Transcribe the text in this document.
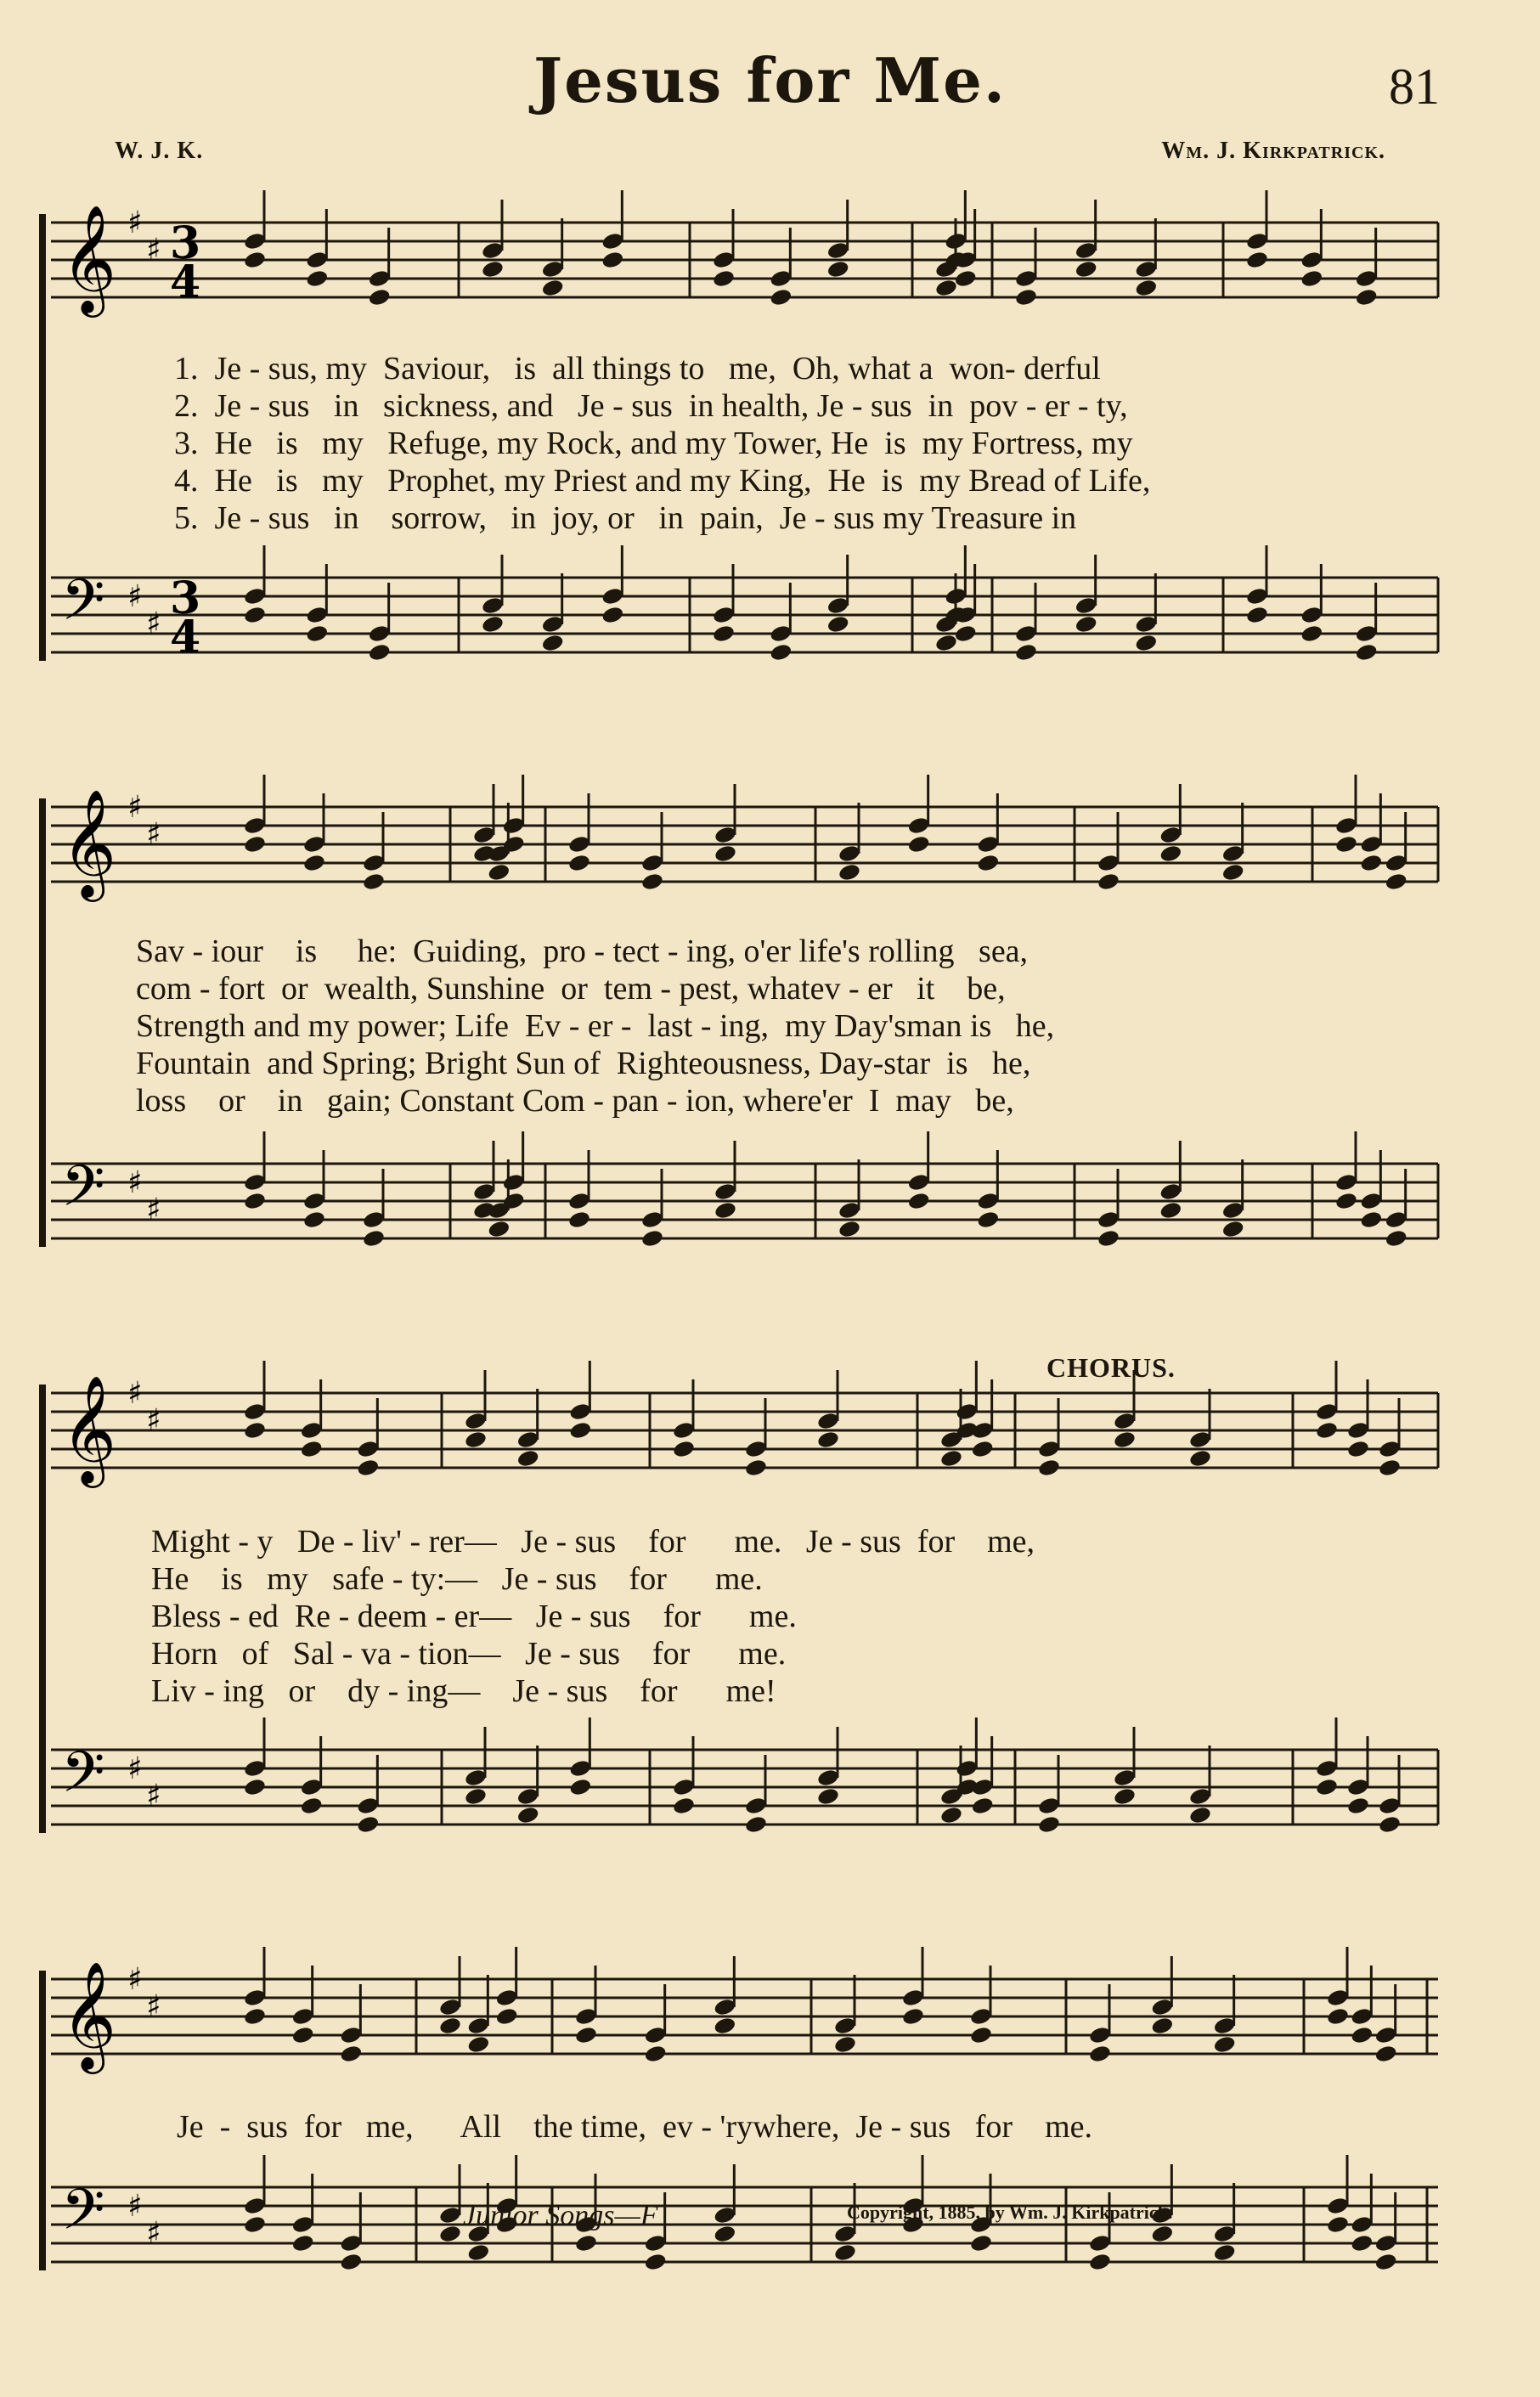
Jesus for Me.	81
W. J. K.	Wm. J. Kirkpatrick.
𝄞
𝄢
♯
♯
♯
♯
3
4
3
4
𝄞
𝄢
♯
♯
♯
♯
𝄞
𝄢
♯
♯
♯
♯
𝄞
𝄢
♯
♯
♯
♯
1.  Je - sus, my  Saviour,   is  all things to   me,  Oh, what a  won- derful
2.  Je - sus   in   sickness, and   Je - sus  in health, Je - sus  in  pov - er - ty,
3.  He   is   my   Refuge, my Rock, and my Tower, He  is  my Fortress, my
4.  He   is   my   Prophet, my Priest and my King,  He  is  my Bread of Life,
5.  Je - sus   in    sorrow,   in  joy, or   in  pain,  Je - sus my Treasure in
Sav - iour    is     he:  Guiding,  pro - tect - ing, o'er life's rolling   sea,
com - fort  or  wealth, Sunshine  or  tem - pest, whatev - er   it    be,
Strength and my power; Life  Ev - er -  last - ing,  my Day'sman is   he,
Fountain  and Spring; Bright Sun of  Righteousness, Day-star  is   he,
loss    or    in   gain; Constant Com - pan - ion, where'er  I  may   be,
Might - y   De - liv' - rer—   Je - sus    for      me.   Je - sus  for    me,
He    is   my   safe - ty:—   Je - sus    for      me.
Bless - ed  Re - deem - er—   Je - sus    for      me.
Horn   of   Sal - va - tion—   Je - sus    for      me.
Liv - ing   or    dy - ing—    Je - sus    for      me!
Je  -  sus  for   me,      All    the time,  ev - 'rywhere,  Je - sus   for    me.
CHORUS.
Junior Songs—F	Copyright, 1885, by Wm. J. Kirkpatrick.
